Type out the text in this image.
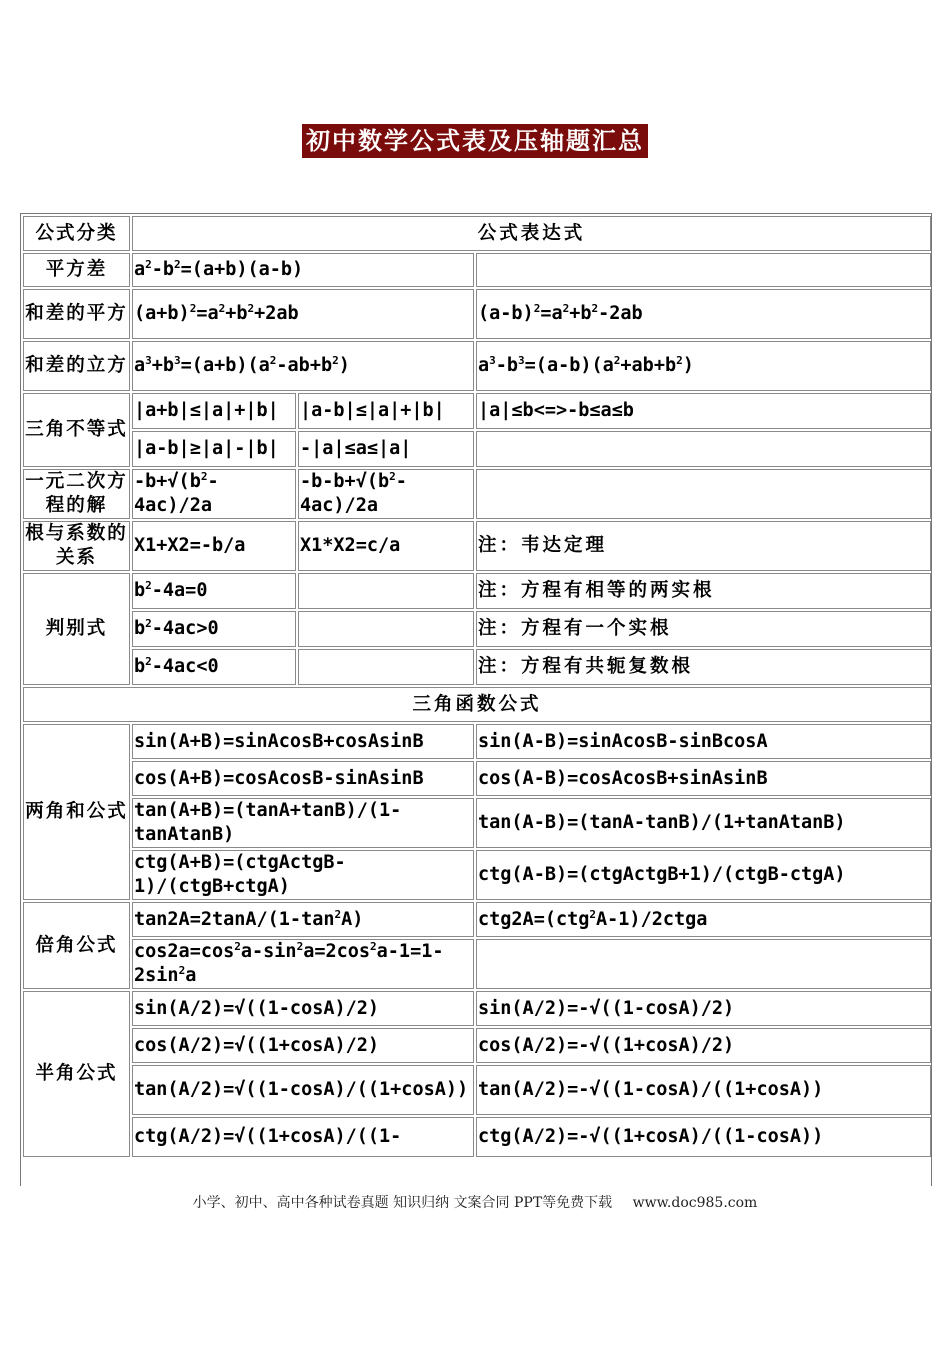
初中数学公式表及压轴题汇总
公式分类	公式表达式		
平方差	$a^2-b^2=(a+b)(a-b)$		
和差的平方	$(a+b)^2=a^2+b^2+2ab$		$(a-b)^2=a^2+b^2-2ab$
和差的立方	$a^3+b^3=(a+b)(a^2-ab+b^2)$		$a^3-b^3=(a-b)(a^2+ab+b^2)$
三角不等式	|a+b|≤|a|+|b|	|a-b|≤|a|+|b|	|a|≤b<=>-b≤a≤b
	|a-b|≥|a|-|b|	-|a|≤a≤|a|	
一元二次方程的解	$-b+√(b^2-4ac)/2a$	$-b-b+√(b^2-4ac)/2a$	
根与系数的关系	X1+X2=-b/a	X1*X2=c/a	注：韦达定理
判别式	$b^2-4a=0$		注：方程有相等的两实根
	$b^2-4ac>0$		注：方程有一个实根
	$b^2-4ac<0$		注：方程有共轭复数根
三角函数公式			
两角和公式	sin(A+B)=sinAcosB+cosAsinB		sin(A-B)=sinAcosB-sinBcosA
	cos(A+B)=cosAcosB-sinAsinB		cos(A-B)=cosAcosB+sinAsinB
	tan(A+B)=(tanA+tanB)/(1-tanAtanB)		tan(A-B)=(tanA-tanB)/(1+tanAtanB)
	ctg(A+B)=(ctgActgB-1)/(ctgB+ctgA)		ctg(A-B)=(ctgActgB+1)/(ctgB-ctgA)
倍角公式	$\tan 2A=2\tan A/(1-\tan^2A)$		ctg2A=(ctg$^2$A-1)/2ctga
	$\cos 2a=\cos^2a-\sin^2a=2\cos^2a-1=1-2\sin^2a$		
半角公式	sin(A/2)=√((1-cosA)/2)		sin(A/2)=-√((1-cosA)/2)
	cos(A/2)=√((1+cosA)/2)		cos(A/2)=-√((1+cosA)/2)
	tan(A/2)=√((1-cosA)/((1+cosA))		tan(A/2)=-√((1-cosA)/((1+cosA))
	ctg(A/2)=√((1+cosA)/((1-		ctg(A/2)=-√((1+cosA)/((1-cosA))
小学、初中、高中各种试卷真题 知识归纳 文案合同 PPT等免费下载 www.doc985.com
